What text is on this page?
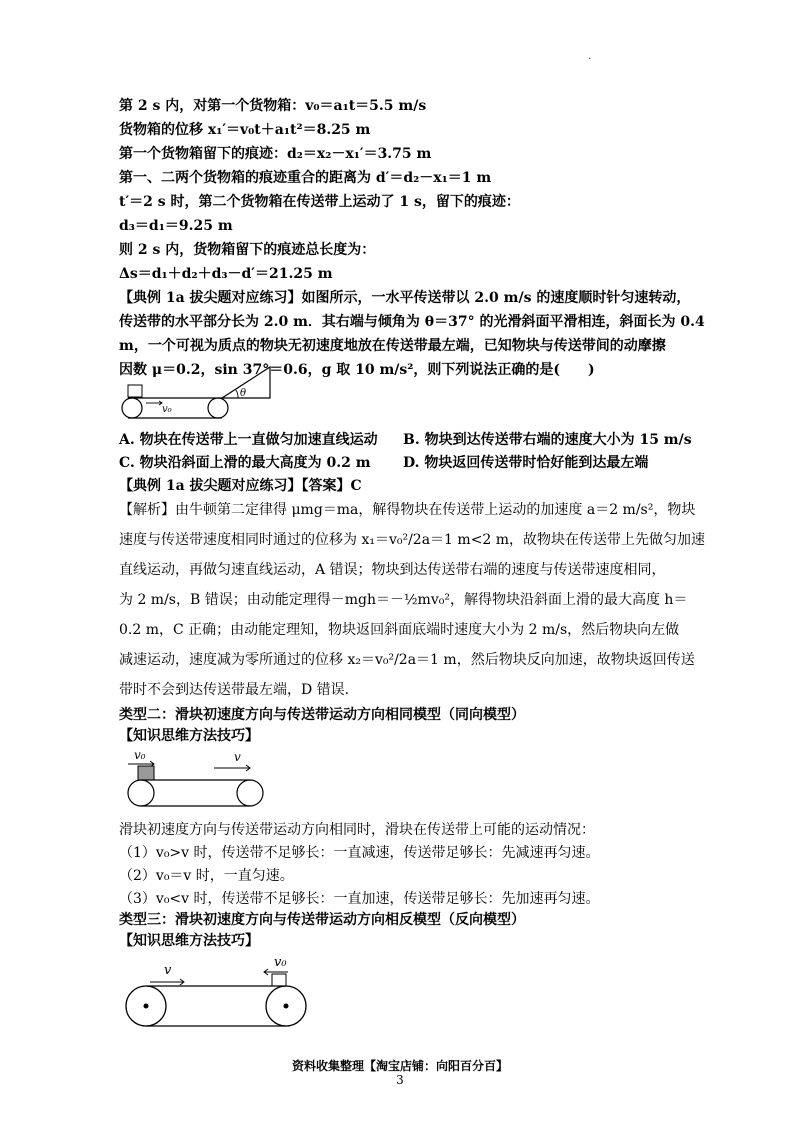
·
第 2 s 内，对第一个货物箱：v₀＝a₁t＝5.5 m/s
货物箱的位移 x₁′＝v₀t＋a₁t²＝8.25 m
第一个货物箱留下的痕迹：d₂＝x₂－x₁′＝3.75 m
第一、二两个货物箱的痕迹重合的距离为 d′＝d₂－x₁＝1 m
t′＝2 s 时，第二个货物箱在传送带上运动了 1 s，留下的痕迹：
d₃＝d₁＝9.25 m
则 2 s 内，货物箱留下的痕迹总长度为：
Δs＝d₁＋d₂＋d₃－d′＝21.25 m
【典例 1a 拔尖题对应练习】如图所示，一水平传送带以 2.0 m/s 的速度顺时针匀速转动，
传送带的水平部分长为 2.0 m．其右端与倾角为 θ＝37° 的光滑斜面平滑相连，斜面长为 0.4
m，一个可视为质点的物块无初速度地放在传送带最左端，已知物块与传送带间的动摩擦
因数 μ＝0.2，sin 37°＝0.6，g 取 10 m/s²，则下列说法正确的是(　　)
v₀
θ
A. 物块在传送带上一直做匀加速直线运动 B. 物块到达传送带右端的速度大小为 15 m/s
C. 物块沿斜面上滑的最大高度为 0.2 m D. 物块返回传送带时恰好能到达最左端
【典例 1a 拔尖题对应练习】【答案】C
【解析】由牛顿第二定律得 μmg＝ma，解得物块在传送带上运动的加速度 a＝2 m/s²，物块
速度与传送带速度相同时通过的位移为 x₁＝v₀²/2a＝1 m<2 m，故物块在传送带上先做匀加速
直线运动，再做匀速直线运动，A 错误；物块到达传送带右端的速度与传送带速度相同，
为 2 m/s，B 错误；由动能定理得－mgh＝－½mv₀²，解得物块沿斜面上滑的最大高度 h＝
0.2 m，C 正确；由动能定理知，物块返回斜面底端时速度大小为 2 m/s，然后物块向左做
减速运动，速度减为零所通过的位移 x₂＝v₀²/2a＝1 m，然后物块反向加速，故物块返回传送
带时不会到达传送带最左端，D 错误.
类型二：滑块初速度方向与传送带运动方向相同模型（同向模型）
【知识思维方法技巧】
v₀	v
滑块初速度方向与传送带运动方向相同时，滑块在传送带上可能的运动情况：
（1）v₀>v 时，传送带不足够长：一直减速，传送带足够长：先减速再匀速。
（2）v₀＝v 时，一直匀速。
（3）v₀<v 时，传送带不足够长：一直加速，传送带足够长：先加速再匀速。
类型三：滑块初速度方向与传送带运动方向相反模型（反向模型）
【知识思维方法技巧】
v₀
v
资料收集整理【淘宝店铺：向阳百分百】
3
